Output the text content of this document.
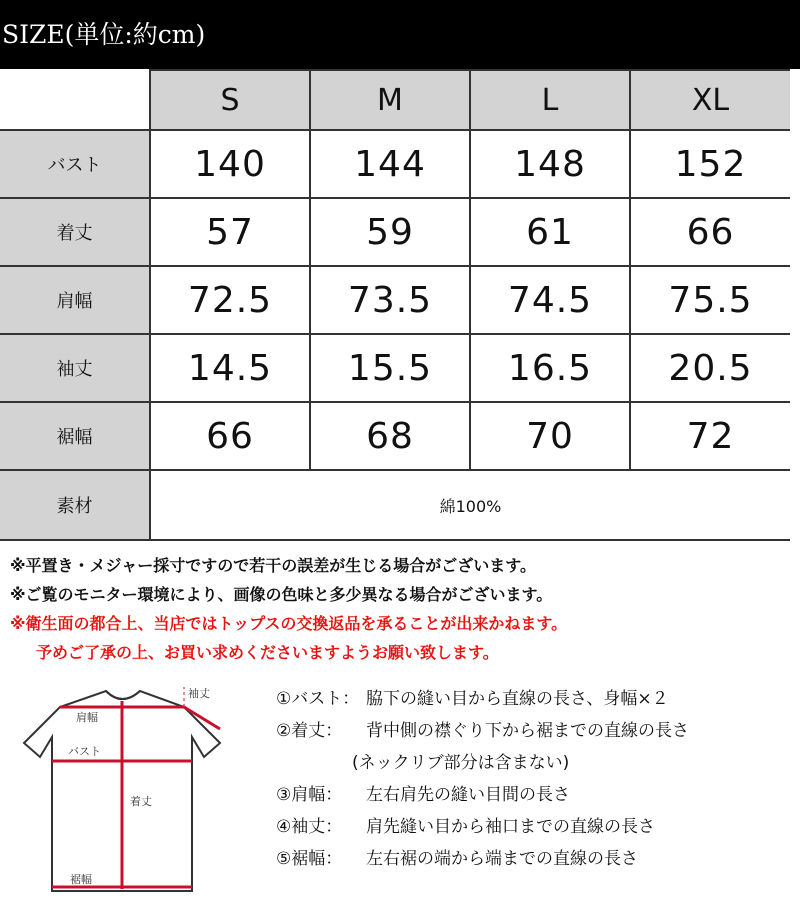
SIZE(単位:約cm)
	S	M	L	XL
バスト	140	144	148	152
着丈	57	59	61	66
肩幅	72.5	73.5	74.5	75.5
袖丈	14.5	15.5	16.5	20.5
裾幅	66	68	70	72
素材	綿100%			
※平置き・メジャー採寸ですので若干の誤差が生じる場合がございます。
※ご覧のモニター環境により、画像の色味と多少異なる場合がございます。
※衛生面の都合上、当店ではトップスの交換返品を承ることが出来かねます。
予めご了承の上、お買い求めくださいますようお願い致します。
袖丈
肩幅
バスト
着丈
裾幅
①バスト： 脇下の縫い目から直線の長さ、身幅×２
②着丈： 背中側の襟ぐり下から裾までの直線の長さ
(ネックリブ部分は含まない)
③肩幅： 左右肩先の縫い目間の長さ
④袖丈： 肩先縫い目から袖口までの直線の長さ
⑤裾幅： 左右裾の端から端までの直線の長さ
